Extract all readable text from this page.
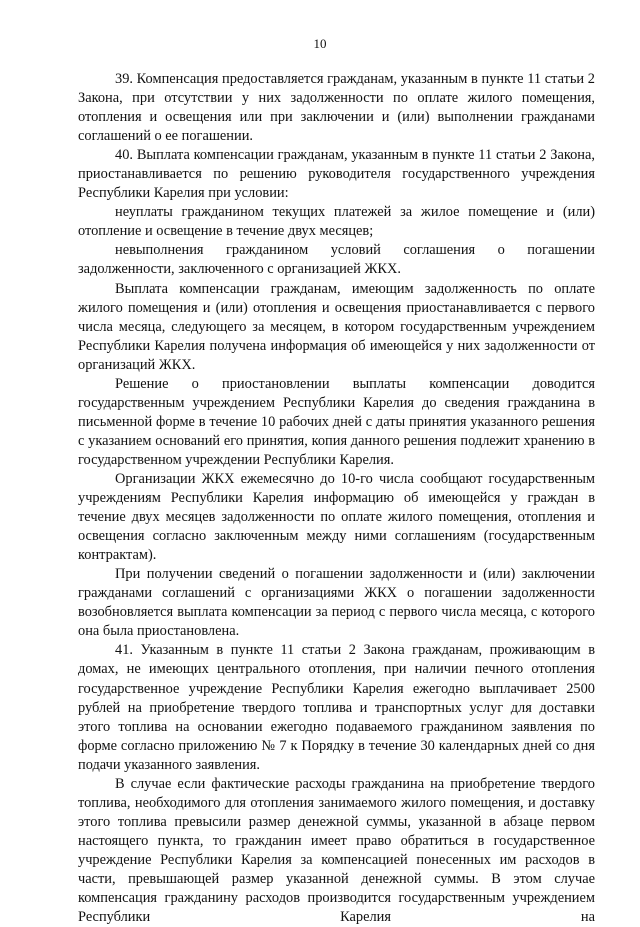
10

39. Компенсация предоставляется гражданам, указанным в пункте 11 статьи 2 Закона, при отсутствии у них задолженности по оплате жилого помещения, отопления и освещения или при заключении и (или) выполнении гражданами соглашений о ее погашении.

40. Выплата компенсации гражданам, указанным в пункте 11 статьи 2 Закона, приостанавливается по решению руководителя государственного учреждения Республики Карелия при условии:

неуплаты гражданином текущих платежей за жилое помещение и (или) отопление и освещение в течение двух месяцев;

невыполнения гражданином условий соглашения о погашении задолженности, заключенного с организацией ЖКХ.

Выплата компенсации гражданам, имеющим задолженность по оплате жилого помещения и (или) отопления и освещения приостанавливается с первого числа месяца, следующего за месяцем, в котором государственным учреждением Республики Карелия получена информация об имеющейся у них задолженности от организаций ЖКХ.

Решение о приостановлении выплаты компенсации доводится государственным учреждением Республики Карелия до сведения гражданина в письменной форме в течение 10 рабочих дней с даты принятия указанного решения с указанием оснований его принятия, копия данного решения подлежит хранению в государственном учреждении Республики Карелия.

Организации ЖКХ ежемесячно до 10-го числа сообщают государственным учреждениям Республики Карелия информацию об имеющейся у граждан в течение двух месяцев задолженности по оплате жилого помещения, отопления и освещения согласно заключенным между ними соглашениям (государственным контрактам).

При получении сведений о погашении задолженности и (или) заключении гражданами соглашений с организациями ЖКХ о погашении задолженности возобновляется выплата компенсации за период с первого числа месяца, с которого она была приостановлена.

41. Указанным в пункте 11 статьи 2 Закона гражданам, проживающим в домах, не имеющих центрального отопления, при наличии печного отопления государственное учреждение Республики Карелия ежегодно выплачивает 2500 рублей на приобретение твердого топлива и транспортных услуг для доставки этого топлива на основании ежегодно подаваемого гражданином заявления по форме согласно приложению № 7 к Порядку в течение 30 календарных дней со дня подачи указанного заявления.

В случае если фактические расходы гражданина на приобретение твердого топлива, необходимого для отопления занимаемого жилого помещения, и доставку этого топлива превысили размер денежной суммы, указанной в абзаце первом настоящего пункта, то гражданин имеет право обратиться в государственное учреждение Республики Карелия за компенсацией понесенных им расходов в части, превышающей размер указанной денежной суммы. В этом случае компенсация гражданину расходов производится государственным учреждением Республики Карелия на
